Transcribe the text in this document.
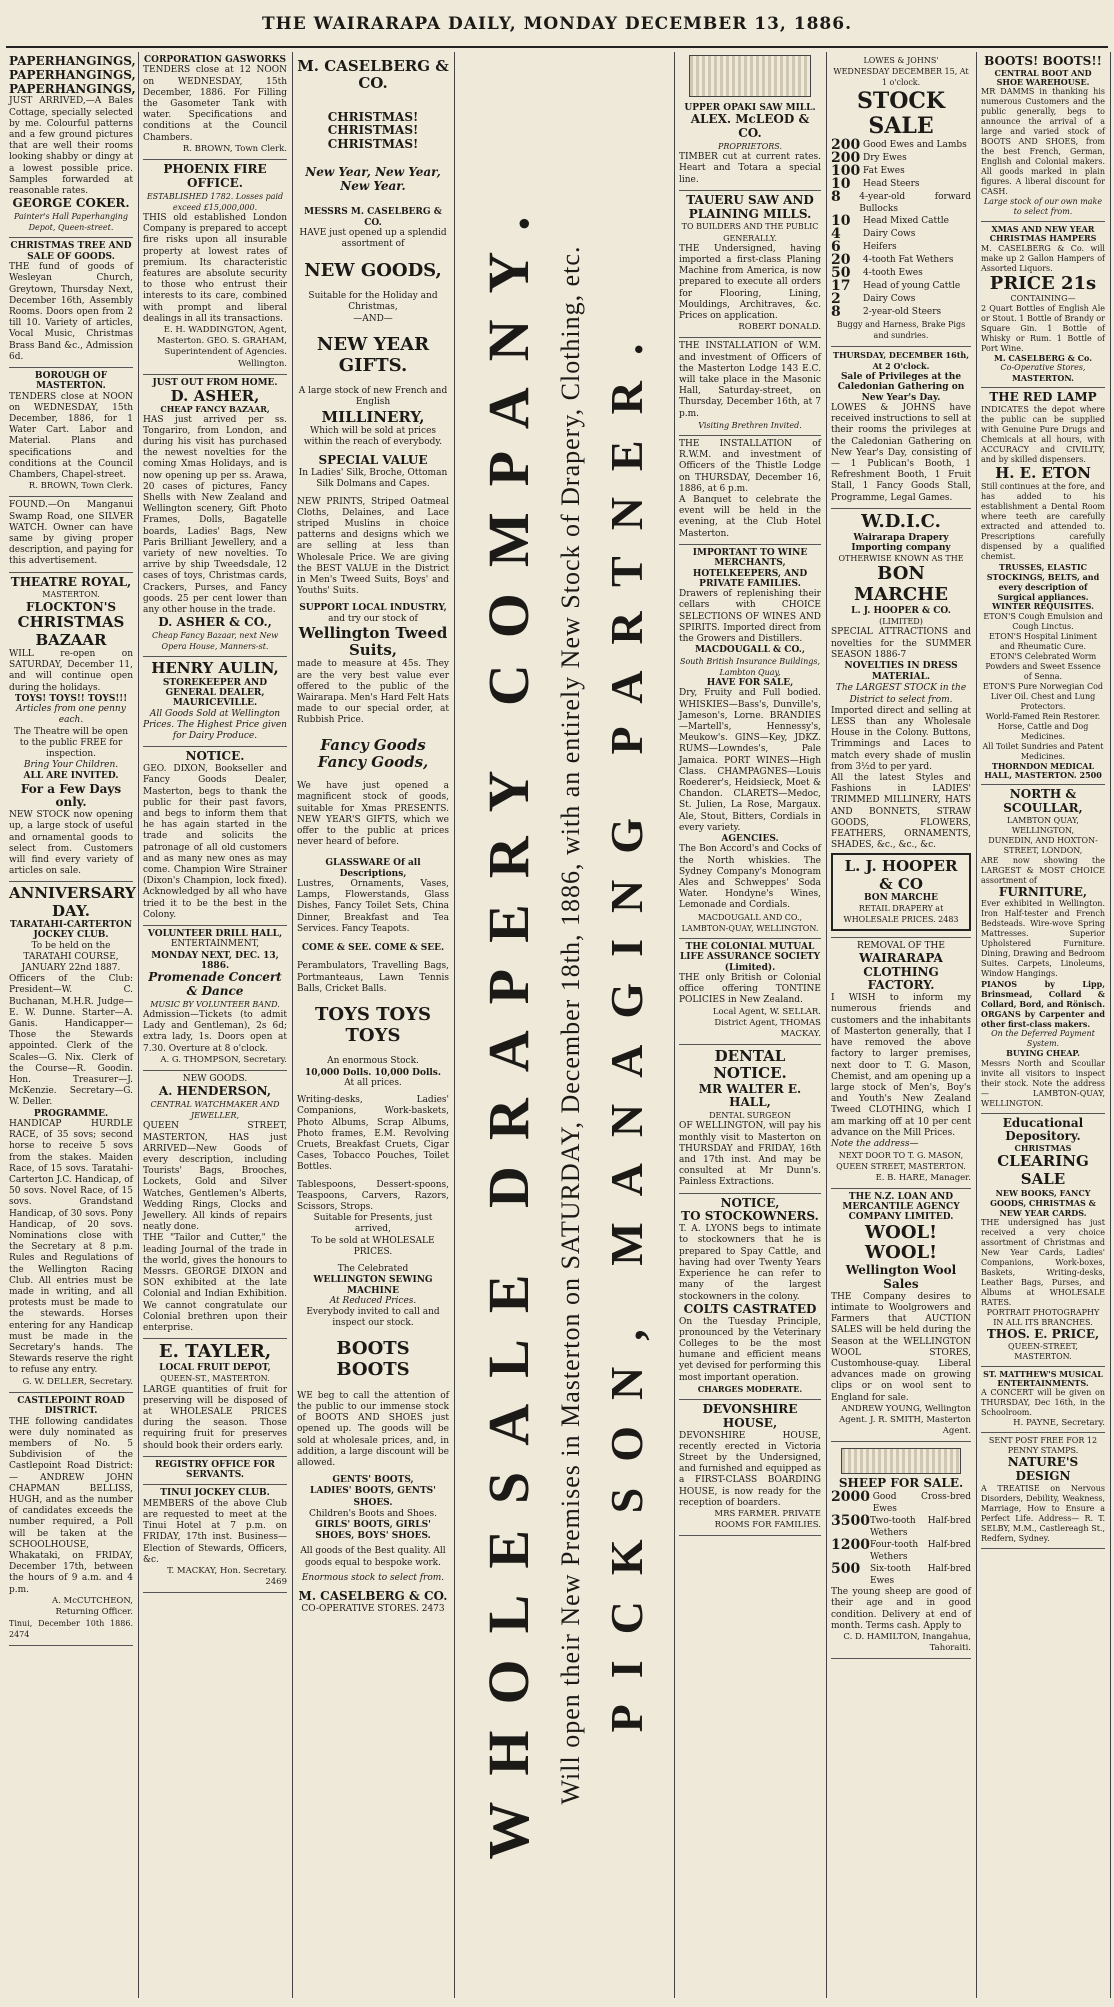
THE WAIRARAPA DAILY, MONDAY DECEMBER 13, 1886.
PAPERHANGINGS, PAPERHANGINGS, PAPERHANGINGS,
JUST ARRIVED,—A Bales Cottage, specially selected by me. Colourful patterns and a few ground pictures that are well their rooms looking shabby or dingy at a lowest possible price. Samples forwarded at reasonable rates.
GEORGE COKER.
Painter's Hall Paperhanging Depot, Queen-street.
CHRISTMAS TREE AND SALE OF GOODS.
THE fund of goods of Wesleyan Church, Greytown, Thursday Next, December 16th, Assembly Rooms. Doors open from 2 till 10. Variety of articles, Vocal Music, Christmas Brass Band &c., Admission 6d.
BOROUGH OF MASTERTON.
TENDERS close at NOON on WEDNESDAY, 15th December, 1886, for 1 Water Cart. Labor and Material. Plans and specifications and conditions at the Council Chambers, Chapel-street.
R. BROWN, Town Clerk.
FOUND.—On Manganui Swamp Road, one SILVER WATCH. Owner can have same by giving proper description, and paying for this advertisement.
THEATRE ROYAL,
MASTERTON.
FLOCKTON'S
CHRISTMAS BAZAAR
WILL re-open on SATURDAY, December 11, and will continue open during the holidays.
TOYS! TOYS!! TOYS!!!
Articles from one penny each.
The Theatre will be open to the public FREE for inspection.
Bring Your Children.
ALL ARE INVITED.
For a Few Days only.
NEW STOCK now opening up, a large stock of useful and ornamental goods to select from. Customers will find every variety of articles on sale.
ANNIVERSARY DAY.
TARATAHI-CARTERTON JOCKEY CLUB.
To be held on the TARATAHI COURSE, JANUARY 22nd 1887.
Officers of the Club: President—W. C. Buchanan, M.H.R. Judge—E. W. Dunne. Starter—A. Ganis. Handicapper—Those the Stewards appointed. Clerk of the Scales—G. Nix. Clerk of the Course—R. Goodin. Hon. Treasurer—J. McKenzie. Secretary—G. W. Deller.
PROGRAMME.
HANDICAP HURDLE RACE, of 35 sovs; second horse to receive 5 sovs from the stakes. Maiden Race, of 15 sovs. Taratahi-Carterton J.C. Handicap, of 50 sovs. Novel Race, of 15 sovs. Grandstand Handicap, of 30 sovs. Pony Handicap, of 20 sovs. Nominations close with the Secretary at 8 p.m. Rules and Regulations of the Wellington Racing Club. All entries must be made in writing, and all protests must be made to the stewards. Horses entering for any Handicap must be made in the Secretary's hands. The Stewards reserve the right to refuse any entry.
G. W. DELLER, Secretary.
CASTLEPOINT ROAD DISTRICT.
THE following candidates were duly nominated as members of No. 5 Subdivision of the Castlepoint Road District:— ANDREW JOHN CHAPMAN BELLISS, HUGH, and as the number of candidates exceeds the number required, a Poll will be taken at the SCHOOLHOUSE, Whakataki, on FRIDAY, December 17th, between the hours of 9 a.m. and 4 p.m.
A. McCUTCHEON, Returning Officer.
Tinui, December 10th 1886. 2474
CORPORATION GASWORKS
TENDERS close at 12 NOON on WEDNESDAY, 15th December, 1886. For Filling the Gasometer Tank with water. Specifications and conditions at the Council Chambers.
R. BROWN, Town Clerk.
PHOENIX FIRE OFFICE.
ESTABLISHED 1782. Losses paid exceed £15,000,000.
THIS old established London Company is prepared to accept fire risks upon all insurable property at lowest rates of premium. Its characteristic features are absolute security to those who entrust their interests to its care, combined with prompt and liberal dealings in all its transactions.
E. H. WADDINGTON, Agent, Masterton. GEO. S. GRAHAM, Superintendent of Agencies. Wellington.
JUST OUT FROM HOME.
D. ASHER,
CHEAP FANCY BAZAAR,
HAS just arrived per ss. Tongariro, from London, and during his visit has purchased the newest novelties for the coming Xmas Holidays, and is now opening up per ss. Arawa, 20 cases of pictures, Fancy Shells with New Zealand and Wellington scenery, Gift Photo Frames, Dolls, Bagatelle boards, Ladies' Bags, New Paris Brilliant Jewellery, and a variety of new novelties. To arrive by ship Tweedsdale, 12 cases of toys, Christmas cards, Crackers, Purses, and Fancy goods. 25 per cent lower than any other house in the trade.
D. ASHER & CO.,
Cheap Fancy Bazaar, next New Opera House, Manners-st.
HENRY AULIN,
STOREKEEPER AND GENERAL DEALER,
MAURICEVILLE.
All Goods Sold at Wellington Prices. The Highest Price given for Dairy Produce.
NOTICE.
GEO. DIXON, Bookseller and Fancy Goods Dealer, Masterton, begs to thank the public for their past favors, and begs to inform them that he has again started in the trade and solicits the patronage of all old customers and as many new ones as may come. Champion Wire Strainer (Dixon's Champion, lock fixed). Acknowledged by all who have tried it to be the best in the Colony.
VOLUNTEER DRILL HALL,
ENTERTAINMENT,
MONDAY NEXT, DEC. 13, 1886.
Promenade Concert & Dance
MUSIC BY VOLUNTEER BAND.
Admission—Tickets (to admit Lady and Gentleman), 2s 6d; extra lady, 1s. Doors open at 7.30. Overture at 8 o'clock.
A. G. THOMPSON, Secretary.
NEW GOODS.
A. HENDERSON,
CENTRAL WATCHMAKER AND JEWELLER,
QUEEN STREET, MASTERTON, HAS just ARRIVED—New Goods of every description, including Tourists' Bags, Brooches, Lockets, Gold and Silver Watches, Gentlemen's Alberts, Wedding Rings, Clocks and Jewellery. All kinds of repairs neatly done.
THE "Tailor and Cutter," the leading Journal of the trade in the world, gives the honours to Messrs. GEORGE DIXON and SON exhibited at the late Colonial and Indian Exhibition. We cannot congratulate our Colonial brethren upon their enterprise.
E. TAYLER,
LOCAL FRUIT DEPOT,
QUEEN-ST., MASTERTON.
LARGE quantities of fruit for preserving will be disposed of at WHOLESALE PRICES during the season. Those requiring fruit for preserves should book their orders early.
REGISTRY OFFICE FOR SERVANTS.
TINUI JOCKEY CLUB.
MEMBERS of the above Club are requested to meet at the Tinui Hotel at 7 p.m. on FRIDAY, 17th inst. Business—Election of Stewards, Officers, &c.
T. MACKAY, Hon. Secretary. 2469
M. CASELBERG & CO.
CHRISTMAS! CHRISTMAS! CHRISTMAS!
New Year, New Year, New Year.
MESSRS M. CASELBERG & CO.
HAVE just opened up a splendid assortment of
NEW GOODS,
Suitable for the Holiday and Christmas,
—AND—
NEW YEAR GIFTS.
A large stock of new French and English
MILLINERY,
Which will be sold at prices within the reach of everybody.
SPECIAL VALUE
In Ladies' Silk, Broche, Ottoman Silk Dolmans and Capes.
NEW PRINTS, Striped Oatmeal Cloths, Delaines, and Lace striped Muslins in choice patterns and designs which we are selling at less than Wholesale Price. We are giving the BEST VALUE in the District in Men's Tweed Suits, Boys' and Youths' Suits.
SUPPORT LOCAL INDUSTRY,
and try our stock of
Wellington Tweed Suits,
made to measure at 45s. They are the very best value ever offered to the public of the Wairarapa. Men's Hard Felt Hats made to our special order, at Rubbish Price.
Fancy Goods Fancy Goods,
We have just opened a magnificent stock of goods, suitable for Xmas PRESENTS. NEW YEAR'S GIFTS, which we offer to the public at prices never heard of before.
GLASSWARE Of all Descriptions,
Lustres, Ornaments, Vases, Lamps, Flowerstands, Glass Dishes, Fancy Toilet Sets, China Dinner, Breakfast and Tea Services. Fancy Teapots.
COME & SEE. COME & SEE.
Perambulators, Travelling Bags, Portmanteaus, Lawn Tennis Balls, Cricket Balls.
TOYS TOYS TOYS
An enormous Stock.
10,000 Dolls. 10,000 Dolls.
At all prices.
Writing-desks, Ladies' Companions, Work-baskets, Photo Albums, Scrap Albums, Photo frames, E.M. Revolving Cruets, Breakfast Cruets, Cigar Cases, Tobacco Pouches, Toilet Bottles.
Tablespoons, Dessert-spoons, Teaspoons, Carvers, Razors, Scissors, Strops.
Suitable for Presents, just arrived,
To be sold at WHOLESALE PRICES.
The Celebrated
WELLINGTON SEWING MACHINE
At Reduced Prices.
Everybody invited to call and inspect our stock.
BOOTS BOOTS
WE beg to call the attention of the public to our immense stock of BOOTS AND SHOES just opened up. The goods will be sold at wholesale prices, and, in addition, a large discount will be allowed.
GENTS' BOOTS,
LADIES' BOOTS, GENTS' SHOES.
Children's Boots and Shoes.
GIRLS' BOOTS, GIRLS' SHOES, BOYS' SHOES.
All goods of the Best quality. All goods equal to bespoke work.
Enormous stock to select from.
M. CASELBERG & CO.
CO-OPERATIVE STORES. 2473 WHOLESALE DRAPERY COMPANY. Will open their New Premises in Masterton on SATURDAY, December 18th, 1886, with an entirely New Stock of Drapery, Clothing, etc. PICKSON, MANAGING PARTNER.
UPPER OPAKI SAW MILL.
ALEX. McLEOD & CO.
PROPRIETORS.
TIMBER cut at current rates. Heart and Totara a special line.
TAUERU SAW AND PLAINING MILLS.
TO BUILDERS AND THE PUBLIC GENERALLY.
THE Undersigned, having imported a first-class Planing Machine from America, is now prepared to execute all orders for Flooring, Lining, Mouldings, Architraves, &c. Prices on application.
ROBERT DONALD.
THE INSTALLATION of W.M. and investment of Officers of the Masterton Lodge 143 E.C. will take place in the Masonic Hall, Saturday-street, on Thursday, December 16th, at 7 p.m.
Visiting Brethren Invited.
THE INSTALLATION of R.W.M. and investment of Officers of the Thistle Lodge on THURSDAY, December 16, 1886, at 6 p.m.
A Banquet to celebrate the event will be held in the evening, at the Club Hotel Masterton.
IMPORTANT TO WINE MERCHANTS, HOTELKEEPERS, AND PRIVATE FAMILIES.
Drawers of replenishing their cellars with CHOICE SELECTIONS OF WINES AND SPIRITS. Imported direct from the Growers and Distillers.
MACDOUGALL & CO.,
South British Insurance Buildings, Lambton Quay,
HAVE FOR SALE,
Dry, Fruity and Full bodied. WHISKIES—Bass's, Dunville's, Jameson's, Lorne. BRANDIES—Martell's, Hennessy's, Meukow's. GINS—Key, JDKZ. RUMS—Lowndes's, Pale Jamaica. PORT WINES—High Class. CHAMPAGNES—Louis Roederer's, Heidsieck, Moet & Chandon. CLARETS—Medoc, St. Julien, La Rose, Margaux. Ale, Stout, Bitters, Cordials in every variety.
AGENCIES.
The Bon Accord's and Cocks of the North whiskies. The Sydney Company's Monogram Ales and Schweppes' Soda Water. Hondyne's Wines, Lemonade and Cordials.
MACDOUGALL AND CO., LAMBTON-QUAY, WELLINGTON.
THE COLONIAL MUTUAL LIFE ASSURANCE SOCIETY (Limited).
THE only British or Colonial office offering TONTINE POLICIES in New Zealand.
Local Agent, W. SELLAR. District Agent, THOMAS MACKAY.
DENTAL NOTICE.
MR WALTER E. HALL,
DENTAL SURGEON
OF WELLINGTON, will pay his monthly visit to Masterton on THURSDAY and FRIDAY, 16th and 17th inst. And may be consulted at Mr Dunn's. Painless Extractions.
NOTICE,
TO STOCKOWNERS.
T. A. LYONS begs to intimate to stockowners that he is prepared to Spay Cattle, and having had over Twenty Years Experience he can refer to many of the largest stockowners in the colony.
COLTS CASTRATED
On the Tuesday Principle, pronounced by the Veterinary Colleges to be the most humane and efficient means yet devised for performing this most important operation.
CHARGES MODERATE.
DEVONSHIRE HOUSE,
DEVONSHIRE HOUSE, recently erected in Victoria Street by the Undersigned, and furnished and equipped as a FIRST-CLASS BOARDING HOUSE, is now ready for the reception of boarders.
MRS FARMER. PRIVATE ROOMS FOR FAMILIES.
LOWES & JOHNS'
WEDNESDAY DECEMBER 15, At 1 o'clock.
STOCK SALE
200 Good Ewes and Lambs
200 Dry Ewes
100 Fat Ewes
10	Head Steers
8	4-year-old forward Bullocks
10	Head Mixed Cattle
4	Dairy Cows
6	Heifers
20	4-tooth Fat Wethers
50	4-tooth Ewes
17	Head of young Cattle
2	Dairy Cows
8	2-year-old Steers
Buggy and Harness, Brake Pigs and sundries.
THURSDAY, DECEMBER 16th, At 2 O'clock.
Sale of Privileges at the Caledonian Gathering on New Year's Day.
LOWES & JOHNS have received instructions to sell at their rooms the privileges at the Caledonian Gathering on New Year's Day, consisting of— 1 Publican's Booth, 1 Refreshment Booth, 1 Fruit Stall, 1 Fancy Goods Stall, Programme, Legal Games.
W.D.I.C.
Wairarapa Drapery Importing company
OTHERWISE KNOWN AS THE
BON MARCHE
L. J. HOOPER & CO.
(LIMITED)
SPECIAL ATTRACTIONS and novelties for the SUMMER SEASON 1886-7
NOVELTIES IN DRESS MATERIAL.
The LARGEST STOCK in the District to select from.
Imported direct and selling at LESS than any Wholesale House in the Colony. Buttons, Trimmings and Laces to match every shade of muslin from 3½d to per yard.
All the latest Styles and Fashions in LADIES' TRIMMED MILLINERY, HATS AND BONNETS, STRAW GOODS, FLOWERS, FEATHERS, ORNAMENTS, SHADES, &c., &c., &c.
L. J. HOOPER & CO
BON MARCHE
RETAIL DRAPERY at WHOLESALE PRICES. 2483
REMOVAL OF THE
WAIRARAPA CLOTHING FACTORY.
I WISH to inform my numerous friends and customers and the inhabitants of Masterton generally, that I have removed the above factory to larger premises, next door to T. G. Mason, Chemist, and am opening up a large stock of Men's, Boy's and Youth's New Zealand Tweed CLOTHING, which I am marking off at 10 per cent advance on the Mill Prices.
Note the address—
NEXT DOOR TO T. G. MASON, QUEEN STREET, MASTERTON.
E. B. HARE, Manager.
THE N.Z. LOAN AND MERCANTILE AGENCY COMPANY LIMITED.
WOOL! WOOL!
Wellington Wool Sales
THE Company desires to intimate to Woolgrowers and Farmers that AUCTION SALES will be held during the Season at the WELLINGTON WOOL STORES, Customhouse-quay. Liberal advances made on growing clips or on wool sent to England for sale.
ANDREW YOUNG, Wellington Agent. J. R. SMITH, Masterton Agent.
SHEEP FOR SALE.
2000 Good Cross-bred Ewes
3500 Two-tooth Half-bred Wethers
1200 Four-tooth Half-bred Wethers
500	Six-tooth Half-bred Ewes
The young sheep are good of their age and in good condition. Delivery at end of month. Terms cash. Apply to
C. D. HAMILTON, Inangahua, Tahoraiti.
BOOTS! BOOTS!!
CENTRAL BOOT AND SHOE WAREHOUSE.
MR DAMMS in thanking his numerous Customers and the public generally, begs to announce the arrival of a large and varied stock of BOOTS AND SHOES, from the best French, German, English and Colonial makers. All goods marked in plain figures. A liberal discount for CASH.
Large stock of our own make to select from.
XMAS AND NEW YEAR CHRISTMAS HAMPERS
M. CASELBERG & Co. will make up 2 Gallon Hampers of Assorted Liquors.
PRICE 21s
CONTAINING—
2 Quart Bottles of English Ale or Stout. 1 Bottle of Brandy or Square Gin. 1 Bottle of Whisky or Rum. 1 Bottle of Port Wine.
M. CASELBERG & Co.
Co-Operative Stores,
MASTERTON.
THE RED LAMP
INDICATES the depot where the public can be supplied with Genuine Pure Drugs and Chemicals at all hours, with ACCURACY and CIVILITY, and by skilled dispensers.
H. E. ETON
Still continues at the fore, and has added to his establishment a Dental Room where teeth are carefully extracted and attended to. Prescriptions carefully dispensed by a qualified chemist.
TRUSSES, ELASTIC STOCKINGS, BELTS, and every description of Surgical appliances.
WINTER REQUISITES.
ETON'S Cough Emulsion and Cough Linctus.
ETON'S Hospital Liniment and Rheumatic Cure.
ETON'S Celebrated Worm Powders and Sweet Essence of Senna.
ETON'S Pure Norwegian Cod Liver Oil. Chest and Lung Protectors.
World-Famed Rein Restorer. Horse, Cattle and Dog Medicines.
All Toilet Sundries and Patent Medicines.
THORNDON MEDICAL HALL, MASTERTON. 2500
NORTH & SCOULLAR,
LAMBTON QUAY, WELLINGTON,
DUNEDIN, AND HOXTON-STREET, LONDON,
ARE now showing the LARGEST & MOST CHOICE assortment of
FURNITURE,
Ever exhibited in Wellington. Iron Half-tester and French Bedsteads. Wire-wove Spring Mattresses. Superior Upholstered Furniture. Dining, Drawing and Bedroom Suites. Carpets, Linoleums, Window Hangings.
PIANOS by Lipp, Brinsmead, Collard & Collard, Bord, and Rönisch.
ORGANS by Carpenter and other first-class makers.
On the Deferred Payment System.
BUYING CHEAP.
Messrs North and Scoullar invite all visitors to inspect their stock. Note the address— LAMBTON-QUAY, WELLINGTON.
Educational Depository.
CHRISTMAS
CLEARING SALE
NEW BOOKS, FANCY GOODS, CHRISTMAS & NEW YEAR CARDS.
THE undersigned has just received a very choice assortment of Christmas and New Year Cards, Ladies' Companions, Work-boxes, Baskets, Writing-desks, Leather Bags, Purses, and Albums at WHOLESALE RATES.
PORTRAIT PHOTOGRAPHY IN ALL ITS BRANCHES.
THOS. E. PRICE,
QUEEN-STREET, MASTERTON.
ST. MATTHEW'S MUSICAL ENTERTAINMENTS.
A CONCERT will be given on THURSDAY, Dec 16th, in the Schoolroom.
H. PAYNE, Secretary.
SENT POST FREE FOR 12 PENNY STAMPS.
NATURE'S DESIGN
A TREATISE on Nervous Disorders, Debility, Weakness, Marriage, How to Ensure a Perfect Life. Address— R. T. SELBY, M.M., Castlereagh St., Redfern, Sydney.
